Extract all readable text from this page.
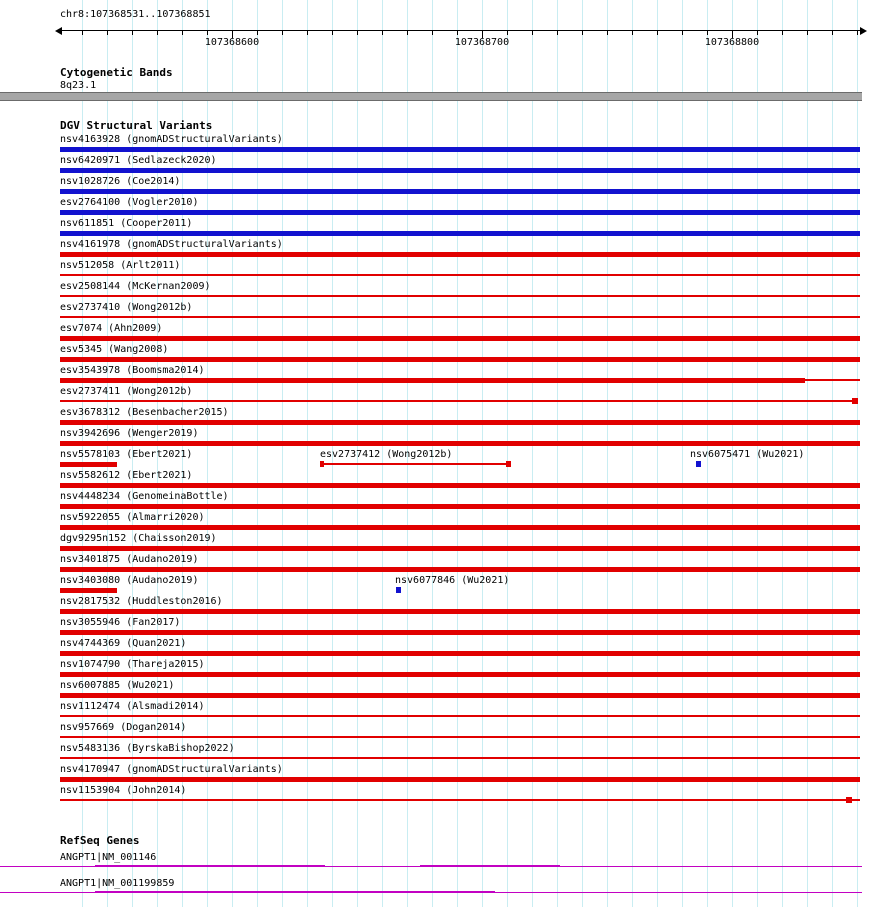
chr8:107368531..107368851
107368600	107368700	107368800
Cytogenetic Bands
8q23.1
DGV Structural Variants
nsv4163928 (gnomADStructuralVariants)
nsv6420971 (Sedlazeck2020)
nsv1028726 (Coe2014)
esv2764100 (Vogler2010)
nsv611851 (Cooper2011)
nsv4161978 (gnomADStructuralVariants)
nsv512058 (Arlt2011)
esv2508144 (McKernan2009)
esv2737410 (Wong2012b)
esv7074 (Ahn2009)
esv5345 (Wang2008)
esv3543978 (Boomsma2014)
esv2737411 (Wong2012b)
esv3678312 (Besenbacher2015)
nsv3942696 (Wenger2019)
nsv5578103 (Ebert2021)	esv2737412 (Wong2012b)	nsv6075471 (Wu2021)
nsv5582612 (Ebert2021)
nsv4448234 (GenomeinaBottle)
nsv5922055 (Almarri2020)
dgv9295n152 (Chaisson2019)
nsv3401875 (Audano2019)
nsv3403080 (Audano2019)	nsv6077846 (Wu2021)
nsv2817532 (Huddleston2016)
nsv3055946 (Fan2017)
nsv4744369 (Quan2021)
nsv1074790 (Thareja2015)
nsv6007885 (Wu2021)
nsv1112474 (Alsmadi2014)
nsv957669 (Dogan2014)
nsv5483136 (ByrskaBishop2022)
nsv4170947 (gnomADStructuralVariants)
nsv1153904 (John2014)
RefSeq Genes
ANGPT1|NM_001146
ANGPT1|NM_001199859
